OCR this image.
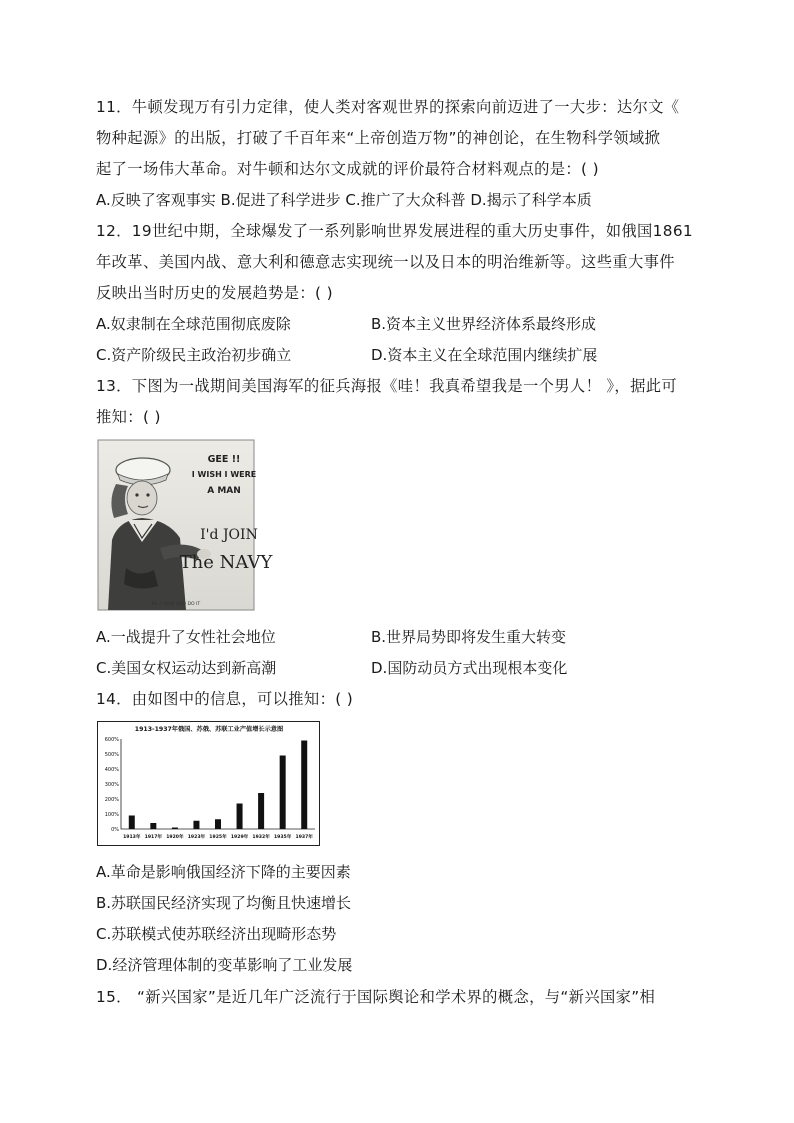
11．牛顿发现万有引力定律，使人类对客观世界的探索向前迈进了一大步：达尔文《
物种起源》的出版，打破了千百年来“上帝创造万物”的神创论，在生物科学领域掀
起了一场伟大革命。对牛顿和达尔文成就的评价最符合材料观点的是：( )
A.反映了客观事实 B.促进了科学进步 C.推广了大众科普 D.揭示了科学本质
12．19世纪中期，全球爆发了一系列影响世界发展进程的重大历史事件，如俄国1861
年改革、美国内战、意大利和德意志实现统一以及日本的明治维新等。这些重大事件
反映出当时历史的发展趋势是：( )
A.奴隶制在全球范围彻底废除	B.资本主义世界经济体系最终形成
C.资产阶级民主政治初步确立	D.资本主义在全球范围内继续扩展
13．下图为一战期间美国海军的征兵海报《哇！我真希望我是一个男人！ 》，据此可
推知：( )
GEE !!
I WISH I WERE
A MAN
I'd JOIN
The NAVY
BE A MAN AND DO IT
A.一战提升了女性社会地位	B.世界局势即将发生重大转变
C.美国女权运动达到新高潮	D.国防动员方式出现根本变化
14．由如图中的信息，可以推知：( )
1913-1937年俄国、苏俄、苏联工业产值增长示意图
600%
500%
400%
300%
200%
100%
0%
1913年 1917年 1920年 1923年 1925年 1929年 1932年 1935年 1937年
A.革命是影响俄国经济下降的主要因素
B.苏联国民经济实现了均衡且快速增长
C.苏联模式使苏联经济出现畸形态势
D.经济管理体制的变革影响了工业发展
15． “新兴国家”是近几年广泛流行于国际舆论和学术界的概念，与“新兴国家”相
